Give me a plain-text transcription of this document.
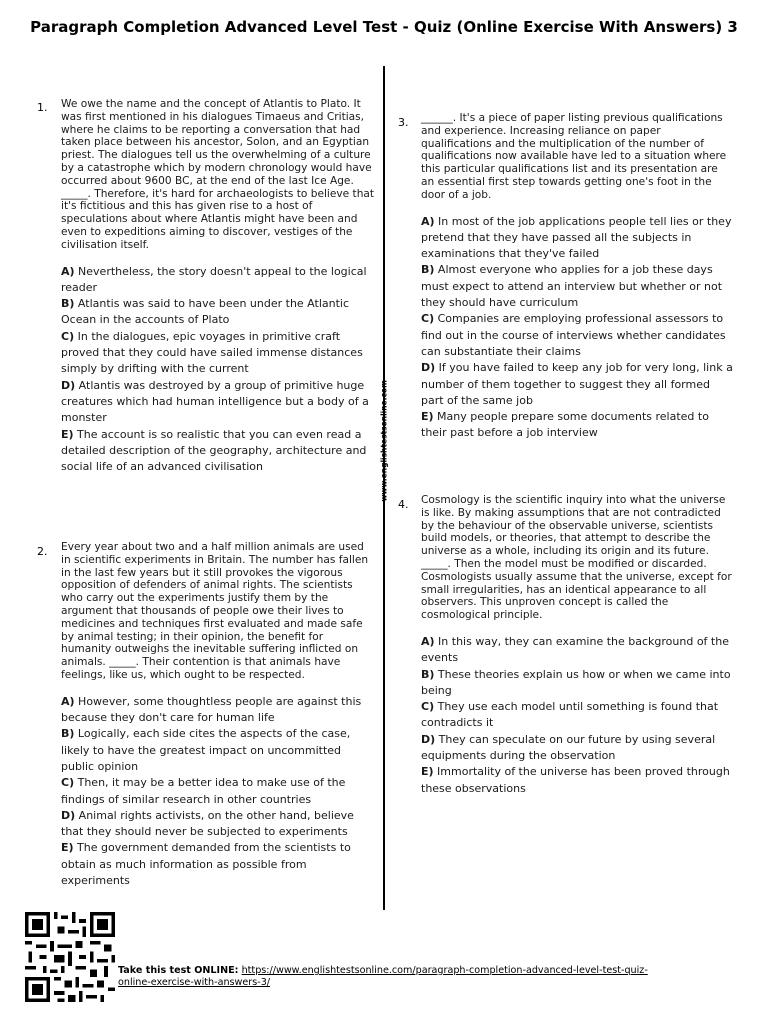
Paragraph Completion Advanced Level Test - Quiz (Online Exercise With Answers) 3
www.englishtestsonline.com
1. We owe the name and the concept of Atlantis to Plato. It was first mentioned in his dialogues Timaeus and Critias, where he claims to be reporting a conversation that had taken place between his ancestor, Solon, and an Egyptian priest. The dialogues tell us the overwhelming of a culture by a catastrophe which by modern chronology would have occurred about 9600 BC, at the end of the last Ice Age. _____. Therefore, it's hard for archaeologists to believe that it's fictitious and this has given rise to a host of speculations about where Atlantis might have been and even to expeditions aiming to discover, vestiges of the civilisation itself.
A) Nevertheless, the story doesn't appeal to the logical reader
B) Atlantis was said to have been under the Atlantic Ocean in the accounts of Plato
C) In the dialogues, epic voyages in primitive craft proved that they could have sailed immense distances simply by drifting with the current
D) Atlantis was destroyed by a group of primitive huge creatures which had human intelligence but a body of a monster
E) The account is so realistic that you can even read a detailed description of the geography, architecture and social life of an advanced civilisation
2. Every year about two and a half million animals are used in scientific experiments in Britain. The number has fallen in the last few years but it still provokes the vigorous opposition of defenders of animal rights. The scientists who carry out the experiments justify them by the argument that thousands of people owe their lives to medicines and techniques first evaluated and made safe by animal testing; in their opinion, the benefit for humanity outweighs the inevitable suffering inflicted on animals. _____. Their contention is that animals have feelings, like us, which ought to be respected.
A) However, some thoughtless people are against this because they don't care for human life
B) Logically, each side cites the aspects of the case, likely to have the greatest impact on uncommitted public opinion
C) Then, it may be a better idea to make use of the findings of similar research in other countries
D) Animal rights activists, on the other hand, believe that they should never be subjected to experiments
E) The government demanded from the scientists to obtain as much information as possible from experiments
3. ______. It's a piece of paper listing previous qualifications and experience. Increasing reliance on paper qualifications and the multiplication of the number of qualifications now available have led to a situation where this particular qualifications list and its presentation are an essential first step towards getting one's foot in the door of a job.
A) In most of the job applications people tell lies or they pretend that they have passed all the subjects in examinations that they've failed
B) Almost everyone who applies for a job these days must expect to attend an interview but whether or not they should have curriculum
C) Companies are employing professional assessors to find out in the course of interviews whether candidates can substantiate their claims
D) If you have failed to keep any job for very long, link a number of them together to suggest they all formed part of the same job
E) Many people prepare some documents related to their past before a job interview
4. Cosmology is the scientific inquiry into what the universe is like. By making assumptions that are not contradicted by the behaviour of the observable universe, scientists build models, or theories, that attempt to describe the universe as a whole, including its origin and its future. _____. Then the model must be modified or discarded. Cosmologists usually assume that the universe, except for small irregularities, has an identical appearance to all observers. This unproven concept is called the cosmological principle.
A) In this way, they can examine the background of the events
B) These theories explain us how or when we came into being
C) They use each model until something is found that contradicts it
D) They can speculate on our future by using several equipments during the observation
E) Immortality of the universe has been proved through these observations
Take this test ONLINE: https://www.englishtestsonline.com/paragraph-completion-advanced-level-test-quiz-online-exercise-with-answers-3/
